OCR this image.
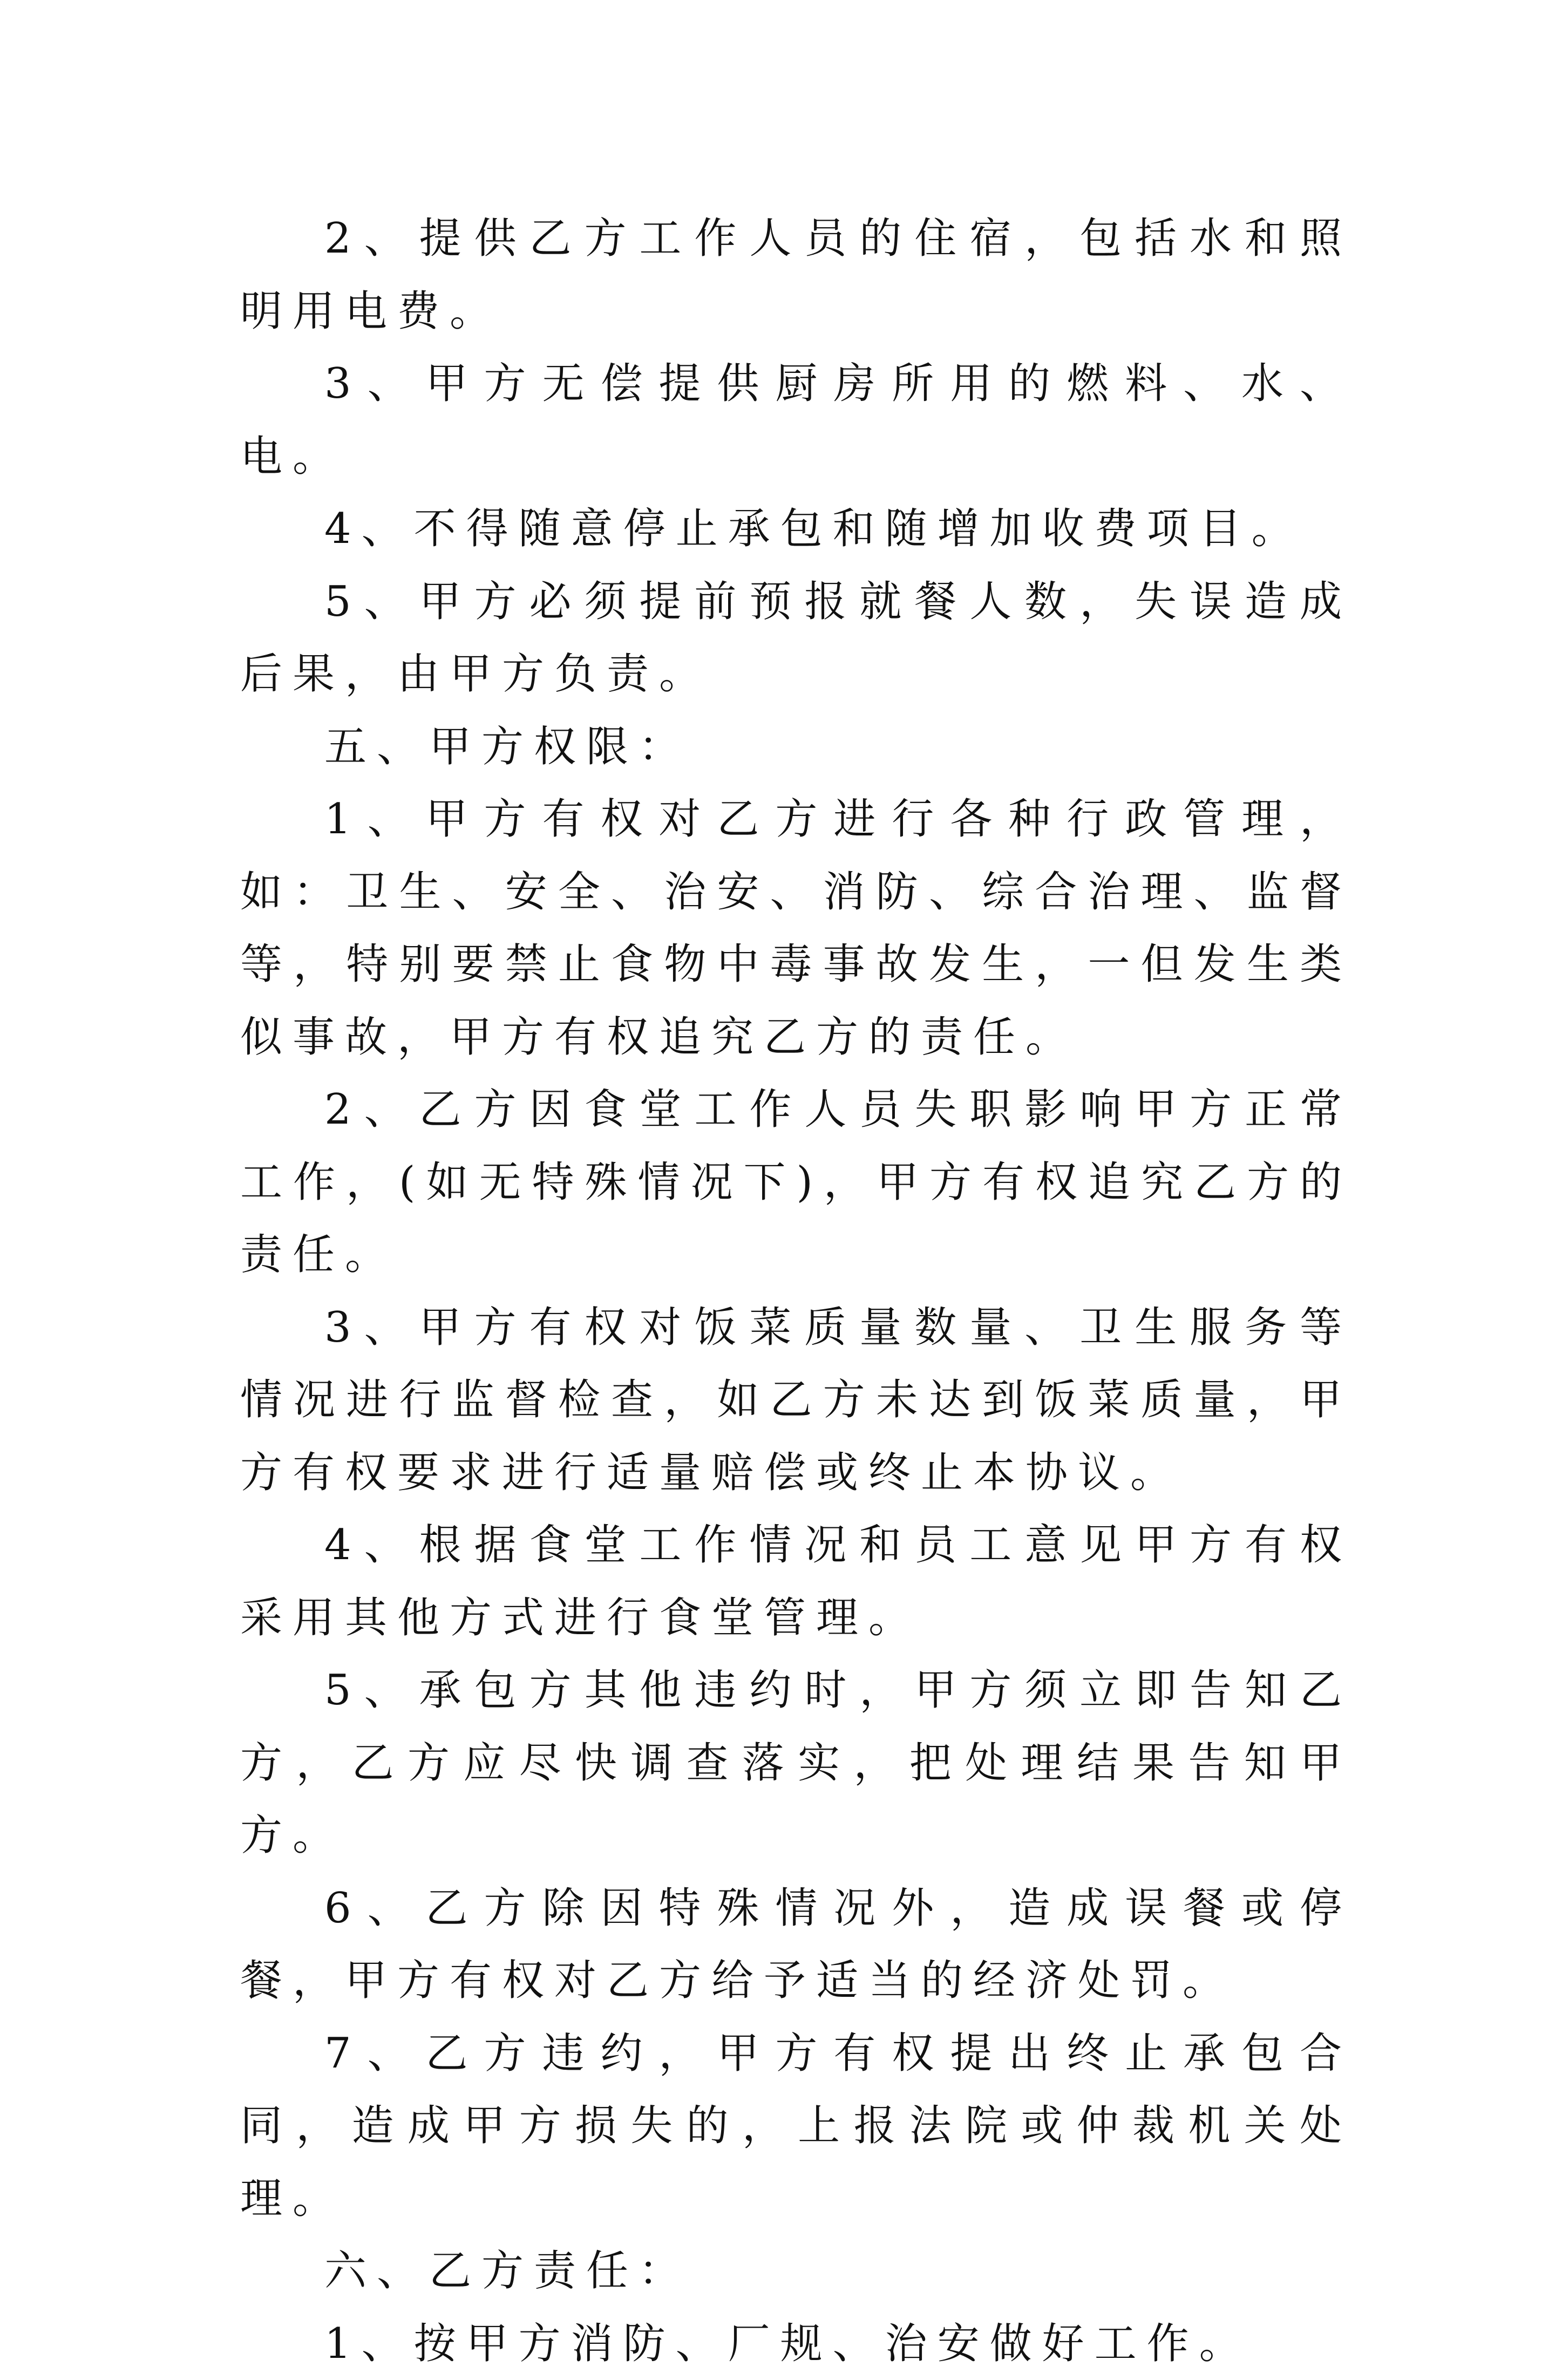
2、提供乙方工作人员的住宿，包括水和照明用电费。

3、甲方无偿提供厨房所用的燃料、水、电。

4、不得随意停止承包和随增加收费项目。

5、甲方必须提前预报就餐人数，失误造成后果，由甲方负责。

五、甲方权限：

1、甲方有权对乙方进行各种行政管理，如：卫生、安全、治安、消防、综合治理、监督等，特别要禁止食物中毒事故发生，一但发生类似事故，甲方有权追究乙方的责任。

2、乙方因食堂工作人员失职影响甲方正常工作，(如无特殊情况下)，甲方有权追究乙方的责任。

3、甲方有权对饭菜质量数量、卫生服务等情况进行监督检查，如乙方未达到饭菜质量，甲方有权要求进行适量赔偿或终止本协议。

4、根据食堂工作情况和员工意见甲方有权采用其他方式进行食堂管理。

5、承包方其他违约时，甲方须立即告知乙方，乙方应尽快调查落实，把处理结果告知甲方。

6、乙方除因特殊情况外，造成误餐或停餐，甲方有权对乙方给予适当的经济处罚。

7、乙方违约，甲方有权提出终止承包合同，造成甲方损失的，上报法院或仲裁机关处理。

六、乙方责任：

1、按甲方消防、厂规、治安做好工作。
